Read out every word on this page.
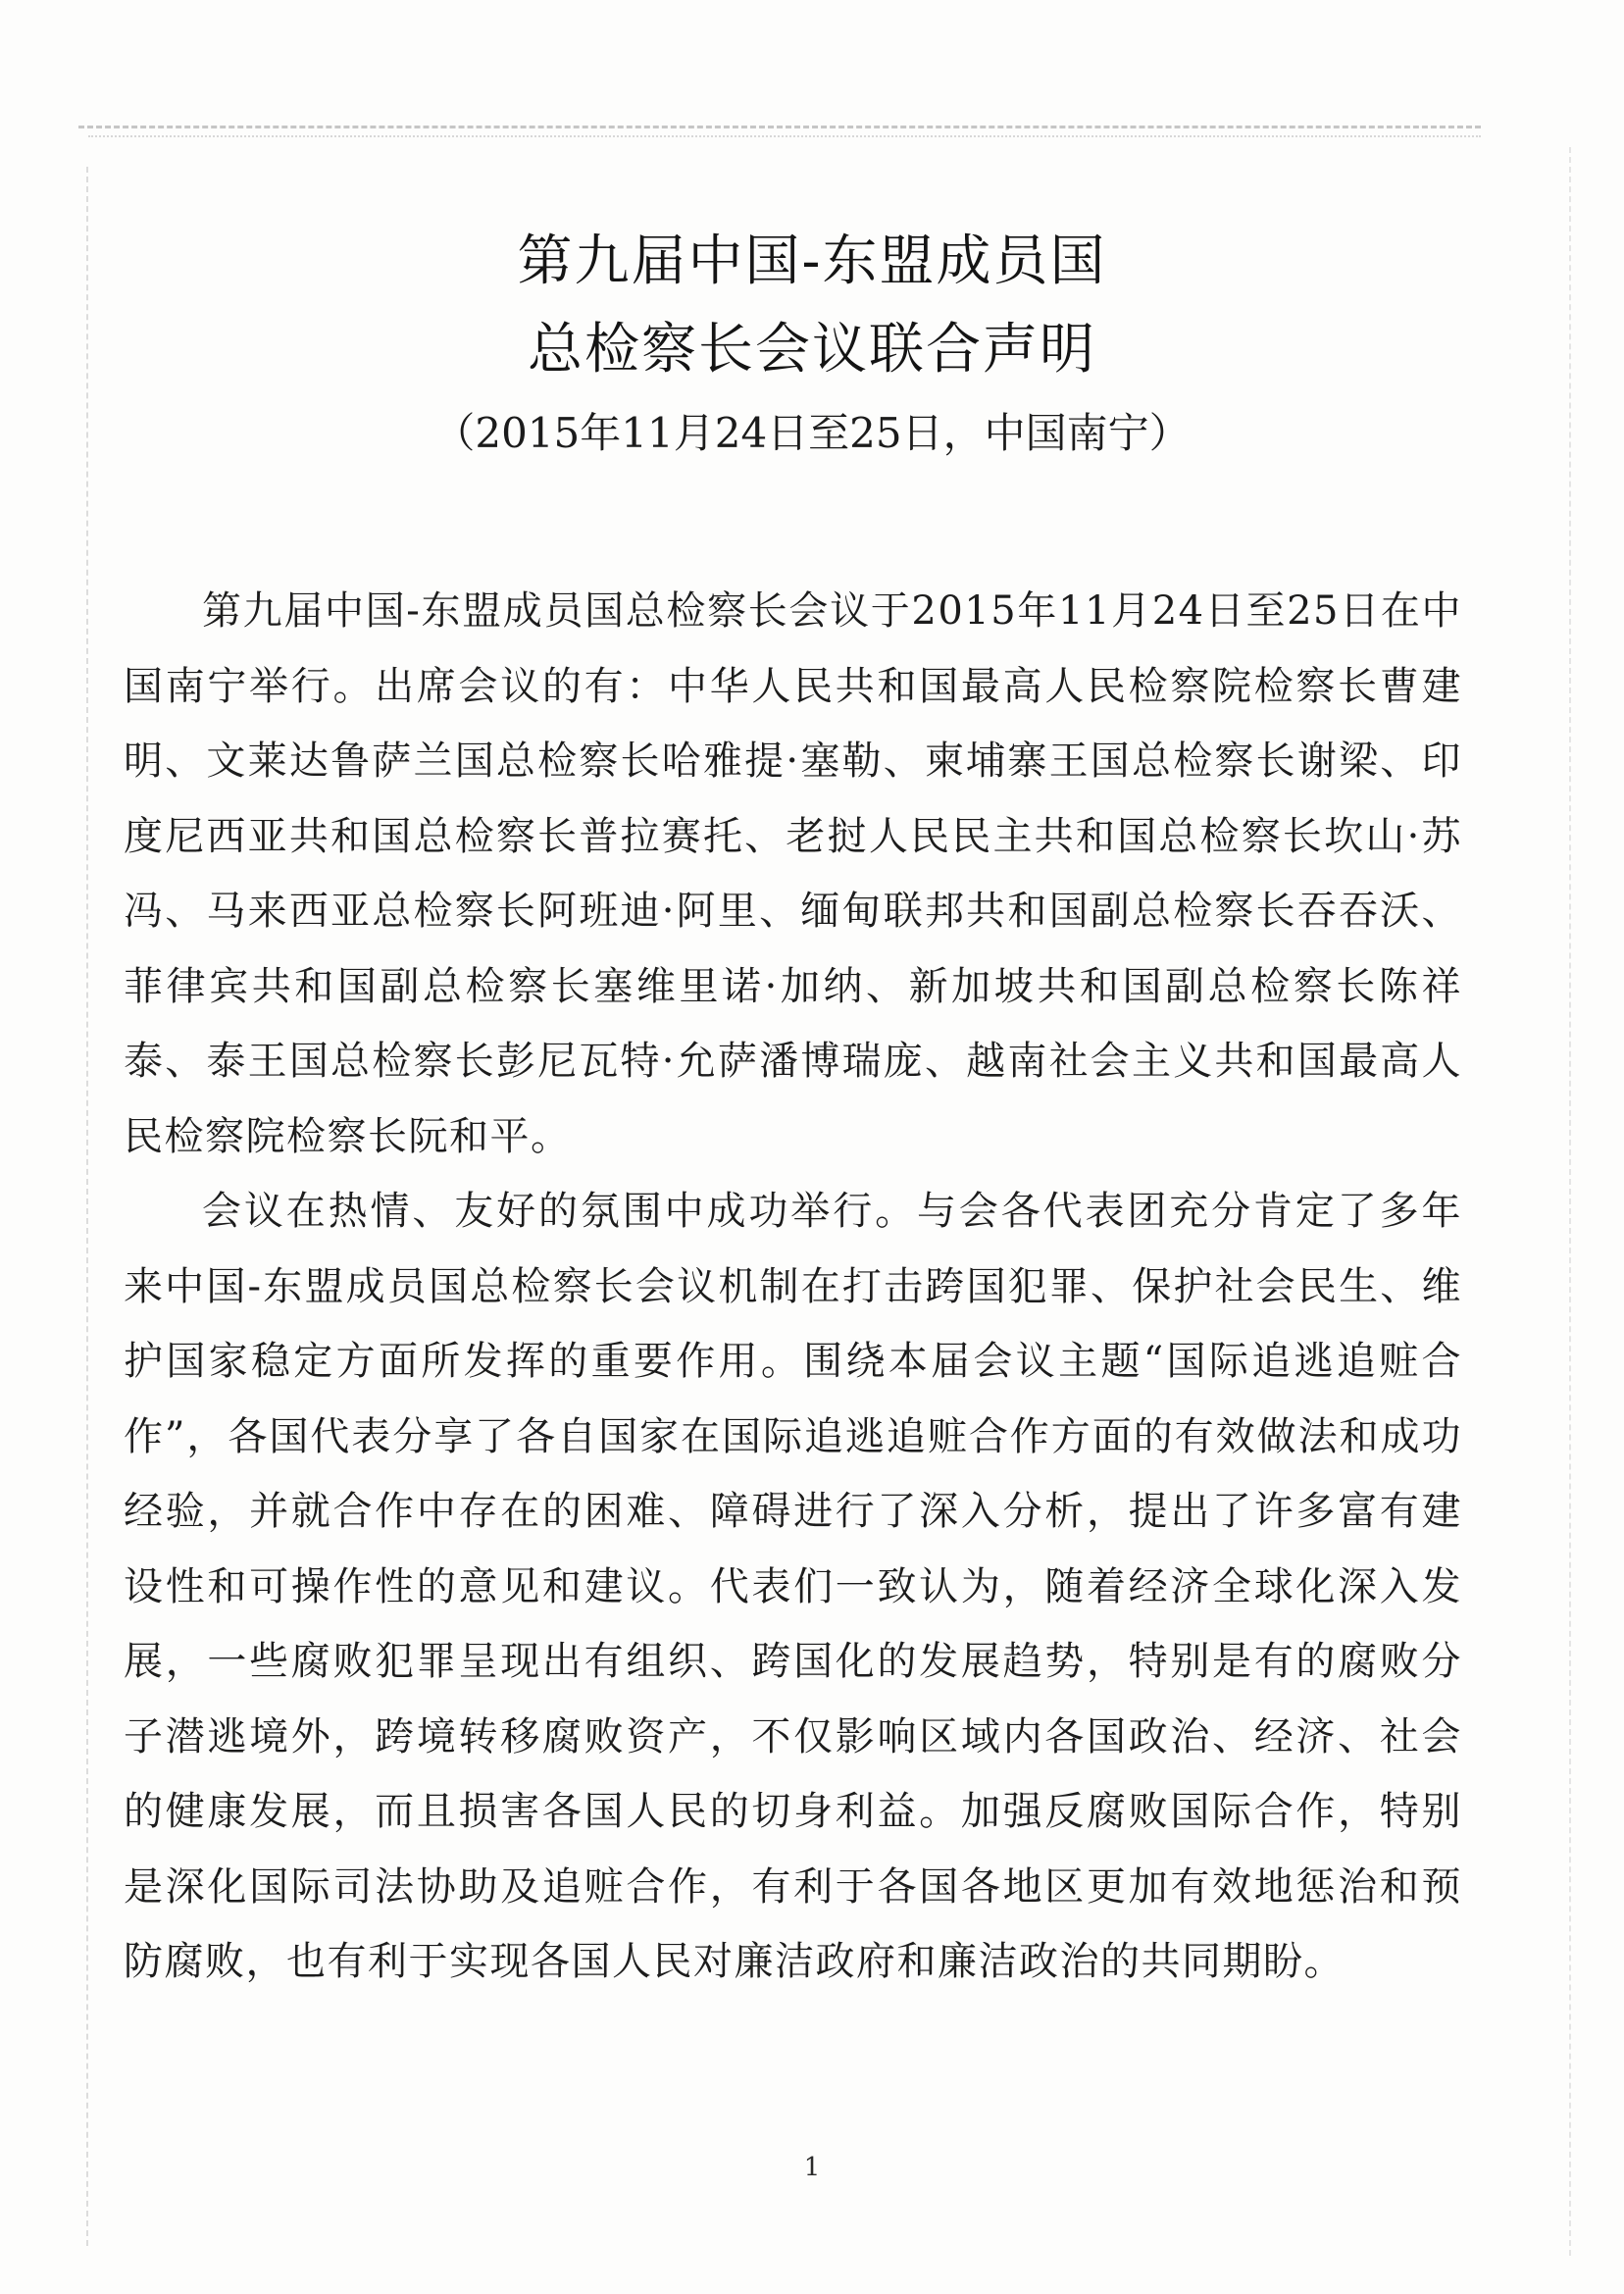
第九届中国-东盟成员国
总检察长会议联合声明
（2015年11月24日至25日，中国南宁）

第九届中国-东盟成员国总检察长会议于2015年11月24日至25日在中国南宁举行。出席会议的有：中华人民共和国最高人民检察院检察长曹建明、文莱达鲁萨兰国总检察长哈雅提·塞勒、柬埔寨王国总检察长谢梁、印度尼西亚共和国总检察长普拉赛托、老挝人民民主共和国总检察长坎山·苏冯、马来西亚总检察长阿班迪·阿里、缅甸联邦共和国副总检察长吞吞沃、菲律宾共和国副总检察长塞维里诺·加纳、新加坡共和国副总检察长陈祥泰、泰王国总检察长彭尼瓦特·允萨潘博瑞庞、越南社会主义共和国最高人民检察院检察长阮和平。

会议在热情、友好的氛围中成功举行。与会各代表团充分肯定了多年来中国-东盟成员国总检察长会议机制在打击跨国犯罪、保护社会民生、维护国家稳定方面所发挥的重要作用。围绕本届会议主题“国际追逃追赃合作”，各国代表分享了各自国家在国际追逃追赃合作方面的有效做法和成功经验，并就合作中存在的困难、障碍进行了深入分析，提出了许多富有建设性和可操作性的意见和建议。代表们一致认为，随着经济全球化深入发展，一些腐败犯罪呈现出有组织、跨国化的发展趋势，特别是有的腐败分子潜逃境外，跨境转移腐败资产，不仅影响区域内各国政治、经济、社会的健康发展，而且损害各国人民的切身利益。加强反腐败国际合作，特别是深化国际司法协助及追赃合作，有利于各国各地区更加有效地惩治和预防腐败，也有利于实现各国人民对廉洁政府和廉洁政治的共同期盼。

1
